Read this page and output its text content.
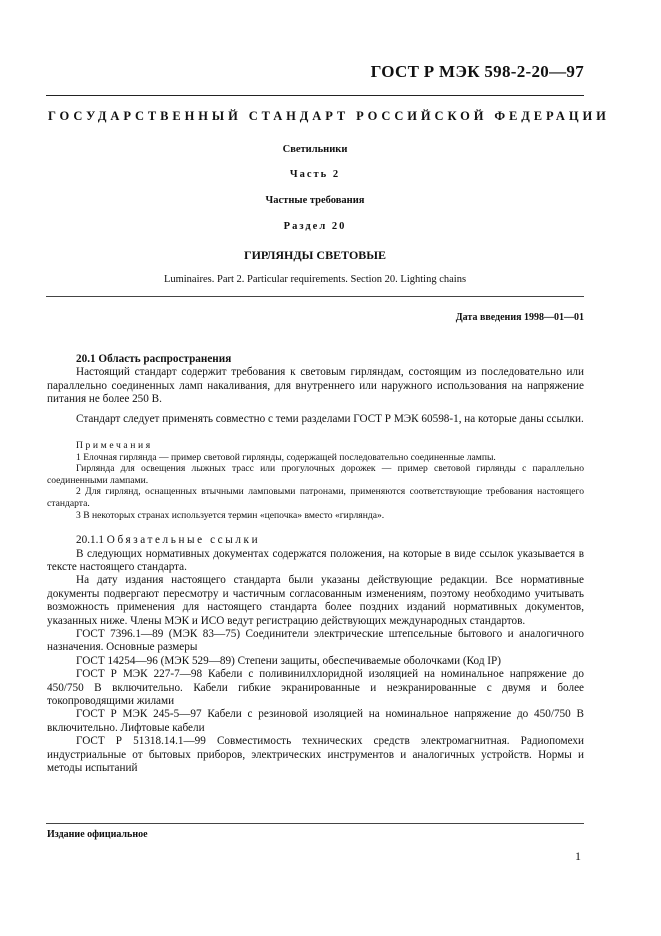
ГОСТ Р МЭК 598-2-20—97
ГОСУДАРСТВЕННЫЙ СТАНДАРТ РОССИЙСКОЙ ФЕДЕРАЦИИ
Светильники
Часть 2
Частные требования
Раздел 20
ГИРЛЯНДЫ СВЕТОВЫЕ
Luminaires. Part 2. Particular requirements. Section 20. Lighting chains
Дата введения 1998—01—01

20.1 Область распространения

Настоящий стандарт содержит требования к световым гирляндам, состоящим из последовательно или параллельно соединенных ламп накаливания, для внутреннего или наружного использования на напряжение питания не более 250 В.

Стандарт следует применять совместно с теми разделами ГОСТ Р МЭК 60598-1, на которые даны ссылки.

Примечания

1 Елочная гирлянда — пример световой гирлянды, содержащей последовательно соединенные лампы.

Гирлянда для освещения лыжных трасс или прогулочных дорожек — пример световой гирлянды с параллельно соединенными лампами.

2 Для гирлянд, оснащенных втычными ламповыми патронами, применяются соответствующие требования настоящего стандарта.

3 В некоторых странах используется термин «цепочка» вместо «гирлянда».

20.1.1 Обязательные ссылки

В следующих нормативных документах содержатся положения, на которые в виде ссылок указывается в тексте настоящего стандарта.

На дату издания настоящего стандарта были указаны действующие редакции. Все нормативные документы подвергают пересмотру и частичным согласованным изменениям, поэтому необходимо учитывать возможность применения для настоящего стандарта более поздних изданий нормативных документов, указанных ниже. Члены МЭК и ИСО ведут регистрацию действующих международных стандартов.

ГОСТ 7396.1—89 (МЭК 83—75) Соединители электрические штепсельные бытового и аналогичного назначения. Основные размеры

ГОСТ 14254—96 (МЭК 529—89) Степени защиты, обеспечиваемые оболочками (Код IP)

ГОСТ Р МЭК 227-7—98 Кабели с поливинилхлоридной изоляцией на номинальное напряжение до 450/750 В включительно. Кабели гибкие экранированные и неэкранированные с двумя и более токопроводящими жилами

ГОСТ Р МЭК 245-5—97 Кабели с резиновой изоляцией на номинальное напряжение до 450/750 В включительно. Лифтовые кабели

ГОСТ Р 51318.14.1—99 Совместимость технических средств электромагнитная. Радиопомехи индустриальные от бытовых приборов, электрических инструментов и аналогичных устройств. Нормы и методы испытаний

Издание официальное
1
